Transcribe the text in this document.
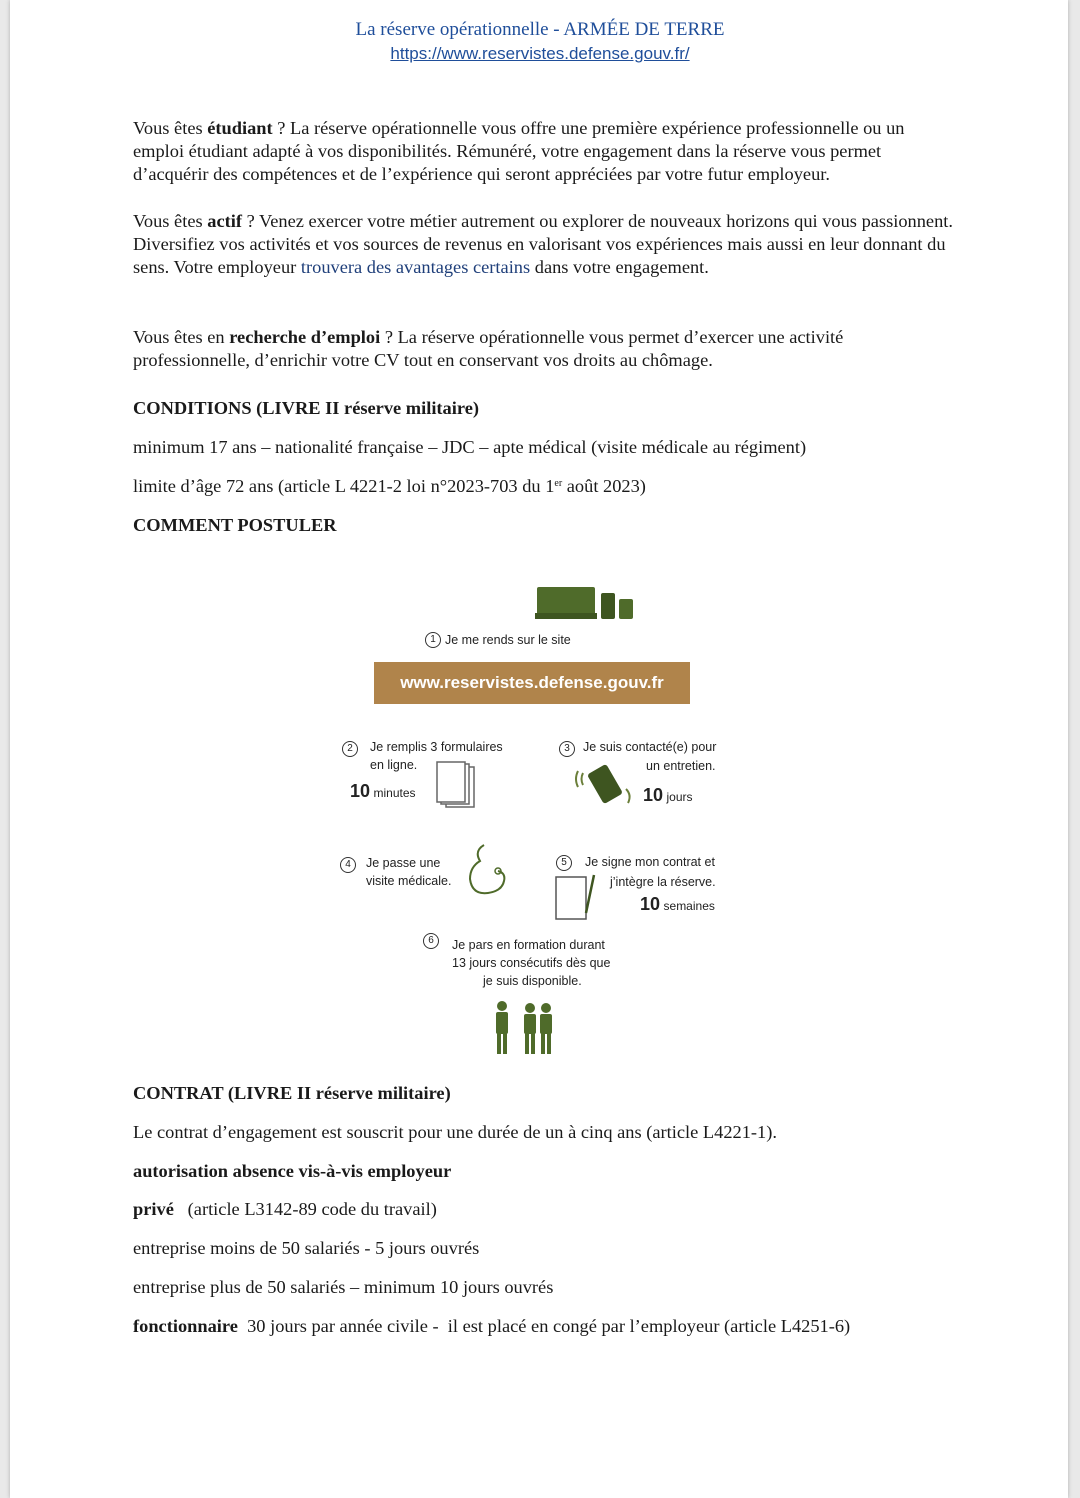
La réserve opérationnelle - ARMÉE DE TERRE
https://www.reservistes.defense.gouv.fr/

Vous êtes étudiant ? La réserve opérationnelle vous offre une première expérience professionnelle ou un emploi étudiant adapté à vos disponibilités. Rémunéré, votre engagement dans la réserve vous permet d’acquérir des compétences et de l’expérience qui seront appréciées par votre futur employeur.

Vous êtes actif ? Venez exercer votre métier autrement ou explorer de nouveaux horizons qui vous passionnent. Diversifiez vos activités et vos sources de revenus en valorisant vos expériences mais aussi en leur donnant du sens. Votre employeur trouvera des avantages certains dans votre engagement.

Vous êtes en recherche d’emploi ? La réserve opérationnelle vous permet d’exercer une activité professionnelle, d’enrichir votre CV tout en conservant vos droits au chômage.

CONDITIONS (LIVRE II réserve militaire)
minimum 17 ans – nationalité française – JDC – apte médical (visite médicale au régiment)
limite d’âge 72 ans (article L 4221-2 loi n°2023-703 du 1er août 2023)
COMMENT POSTULER
1 Je me rends sur le site
www.reservistes.defense.gouv.fr
2	Je remplis 3 formulaires
en ligne.
10 minutes
3	Je suis contacté(e) pour
un entretien.
10 jours
4	Je passe une
visite médicale.
5	Je signe mon contrat et
j’intègre la réserve.
10 semaines
6	Je pars en formation durant
13 jours consécutifs dès que
je suis disponible.
CONTRAT (LIVRE II réserve militaire)
Le contrat d’engagement est souscrit pour une durée de un à cinq ans (article L4221-1).
autorisation absence vis-à-vis employeur
privé   (article L3142-89 code du travail)
entreprise moins de 50 salariés - 5 jours ouvrés
entreprise plus de 50 salariés – minimum 10 jours ouvrés
fonctionnaire  30 jours par année civile -  il est placé en congé par l’employeur (article L4251-6)
